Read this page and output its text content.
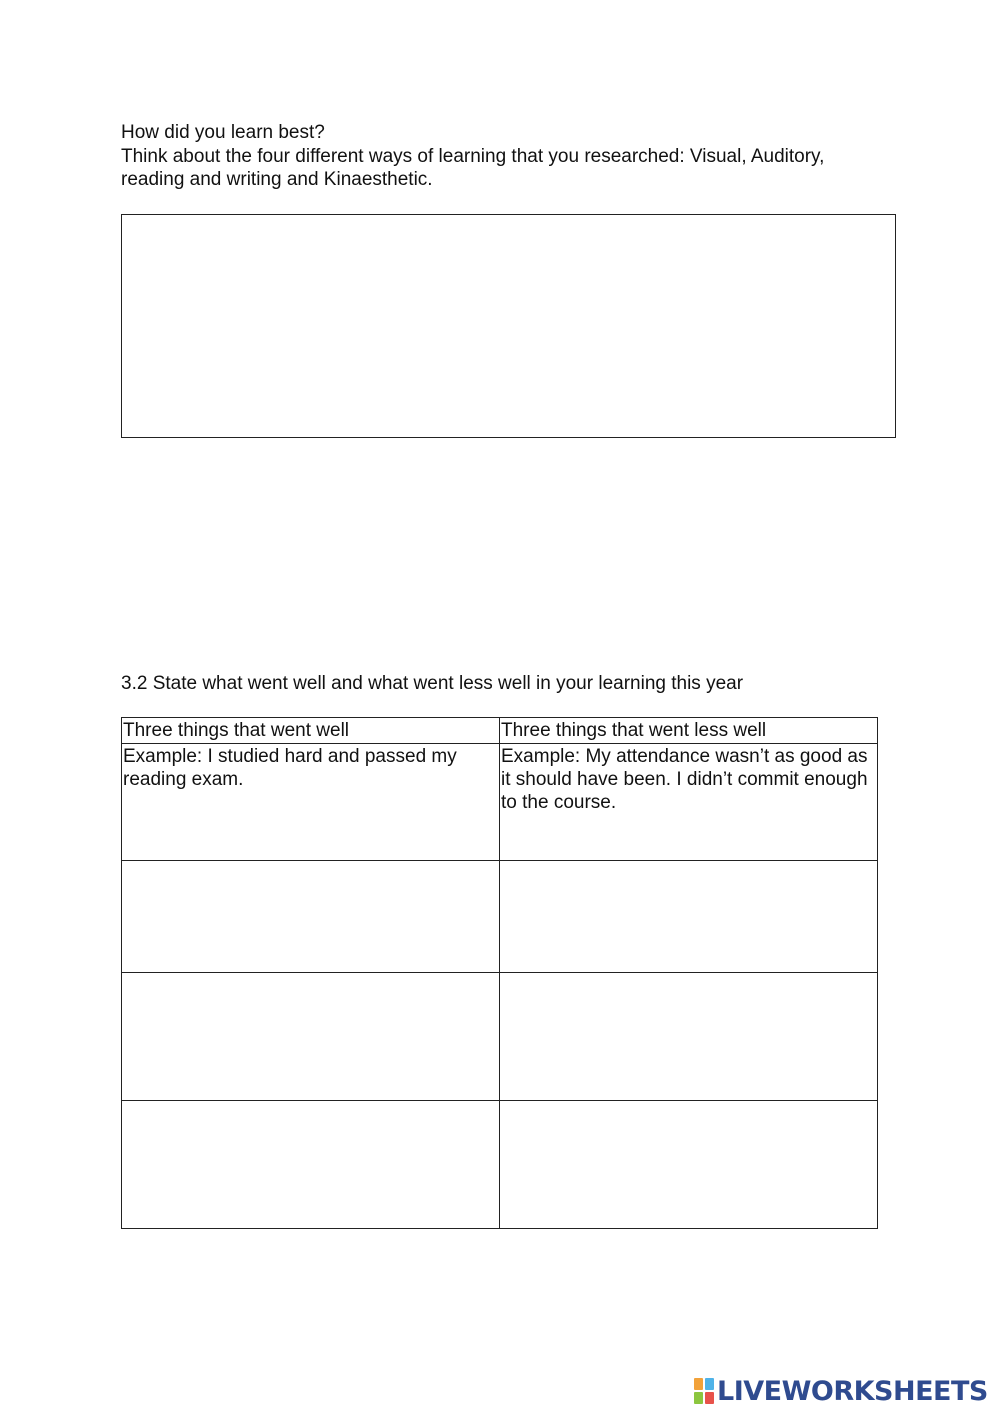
How did you learn best?
Think about the four different ways of learning that you researched: Visual, Auditory,
reading and writing and Kinaesthetic.
3.2 State what went well and what went less well in your learning this year
Three things that went well	Three things that went less well
Example: I studied hard and passed my reading exam.	Example: My attendance wasn’t as good as it should have been. I didn’t commit enough to the course.

LIVEWORKSHEETS
